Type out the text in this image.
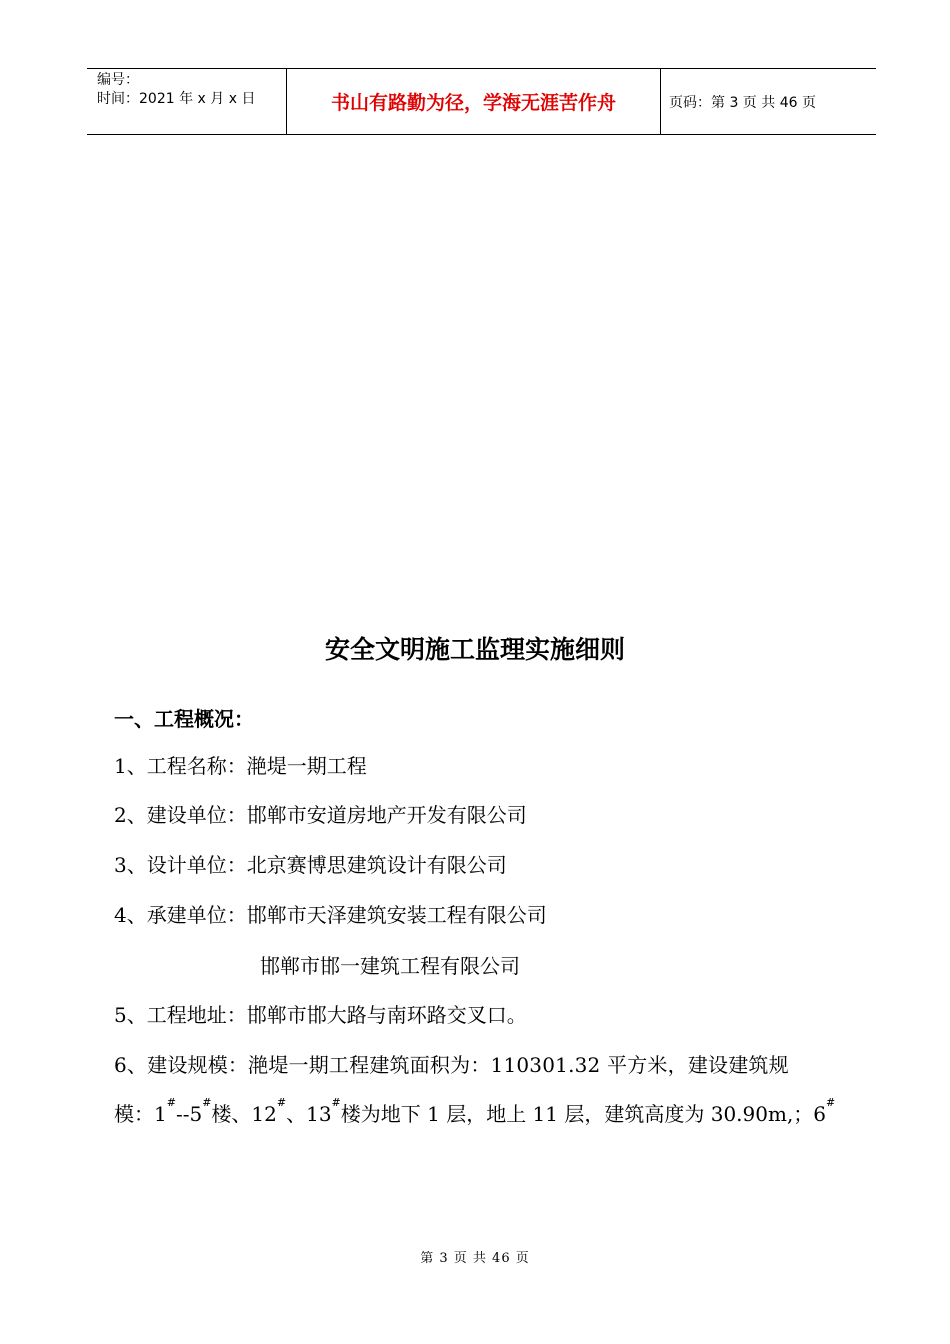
编号：
时间：2021 年 x 月 x 日	书山有路勤为径，学海无涯苦作舟	页码：第 3 页 共 46 页
安全文明施工监理实施细则
一、工程概况：
1、工程名称：滟堤一期工程
2、建设单位：邯郸市安道房地产开发有限公司
3、设计单位：北京赛博思建筑设计有限公司
4、承建单位：邯郸市天泽建筑安装工程有限公司
邯郸市邯一建筑工程有限公司
5、工程地址：邯郸市邯大路与南环路交叉口。
6、建设规模：滟堤一期工程建筑面积为：110301.32 平方米，建设建筑规
模：1#--5#楼、12#、13#楼为地下 1 层，地上 11 层，建筑高度为 30.90m,；6#
第 3 页 共 46 页
